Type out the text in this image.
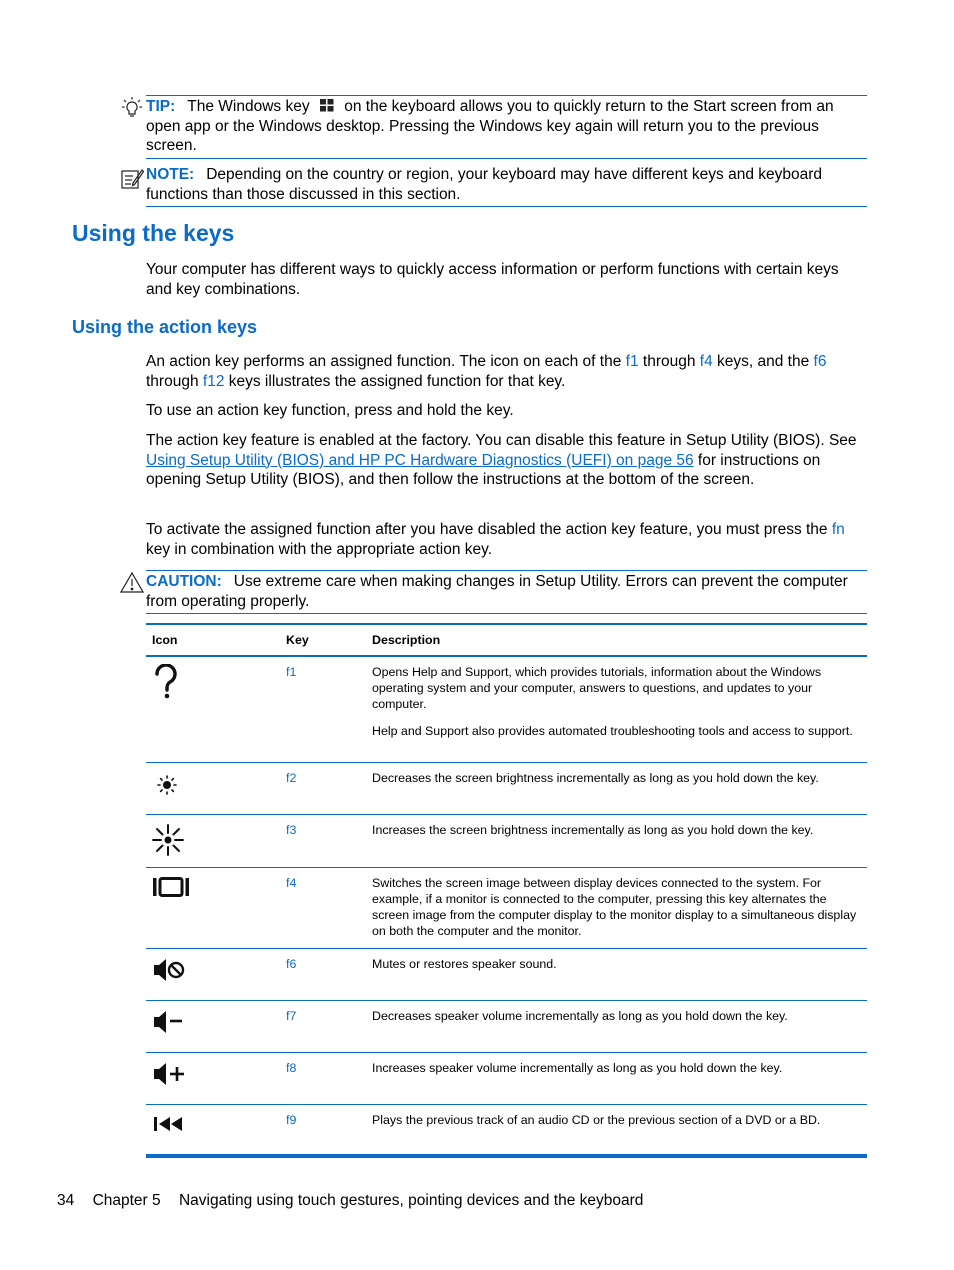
TIP: The Windows key on the keyboard allows you to quickly return to the Start screen from an open app or the Windows desktop. Pressing the Windows key again will return you to the previous screen.
NOTE: Depending on the country or region, your keyboard may have different keys and keyboard functions than those discussed in this section.
Using the keys

Your computer has different ways to quickly access information or perform functions with certain keys and key combinations.

Using the action keys

An action key performs an assigned function. The icon on each of the f1 through f4 keys, and the f6 through f12 keys illustrates the assigned function for that key.

To use an action key function, press and hold the key.

The action key feature is enabled at the factory. You can disable this feature in Setup Utility (BIOS). See Using Setup Utility (BIOS) and HP PC Hardware Diagnostics (UEFI) on page 56 for instructions on opening Setup Utility (BIOS), and then follow the instructions at the bottom of the screen.

To activate the assigned function after you have disabled the action key feature, you must press the fn key in combination with the appropriate action key.

CAUTION: Use extreme care when making changes in Setup Utility. Errors can prevent the computer from operating properly.
Icon	Key	Description

	f1	Opens Help and Support, which provides tutorials, information about the Windows operating system and your computer, answers to questions, and updates to your computer.

Help and Support also provides automated troubleshooting tools and access to support.

	f2	Decreases the screen brightness incrementally as long as you hold down the key.

	f3	Increases the screen brightness incrementally as long as you hold down the key.

	f4	Switches the screen image between display devices connected to the system. For example, if a monitor is connected to the computer, pressing this key alternates the screen image from the computer display to the monitor display to a simultaneous display on both the computer and the monitor.

	f6	Mutes or restores speaker sound.

	f7	Decreases speaker volume incrementally as long as you hold down the key.

	f8	Increases speaker volume incrementally as long as you hold down the key.

	f9	Plays the previous track of an audio CD or the previous section of a DVD or a BD.
34 Chapter 5 Navigating using touch gestures, pointing devices and the keyboard
